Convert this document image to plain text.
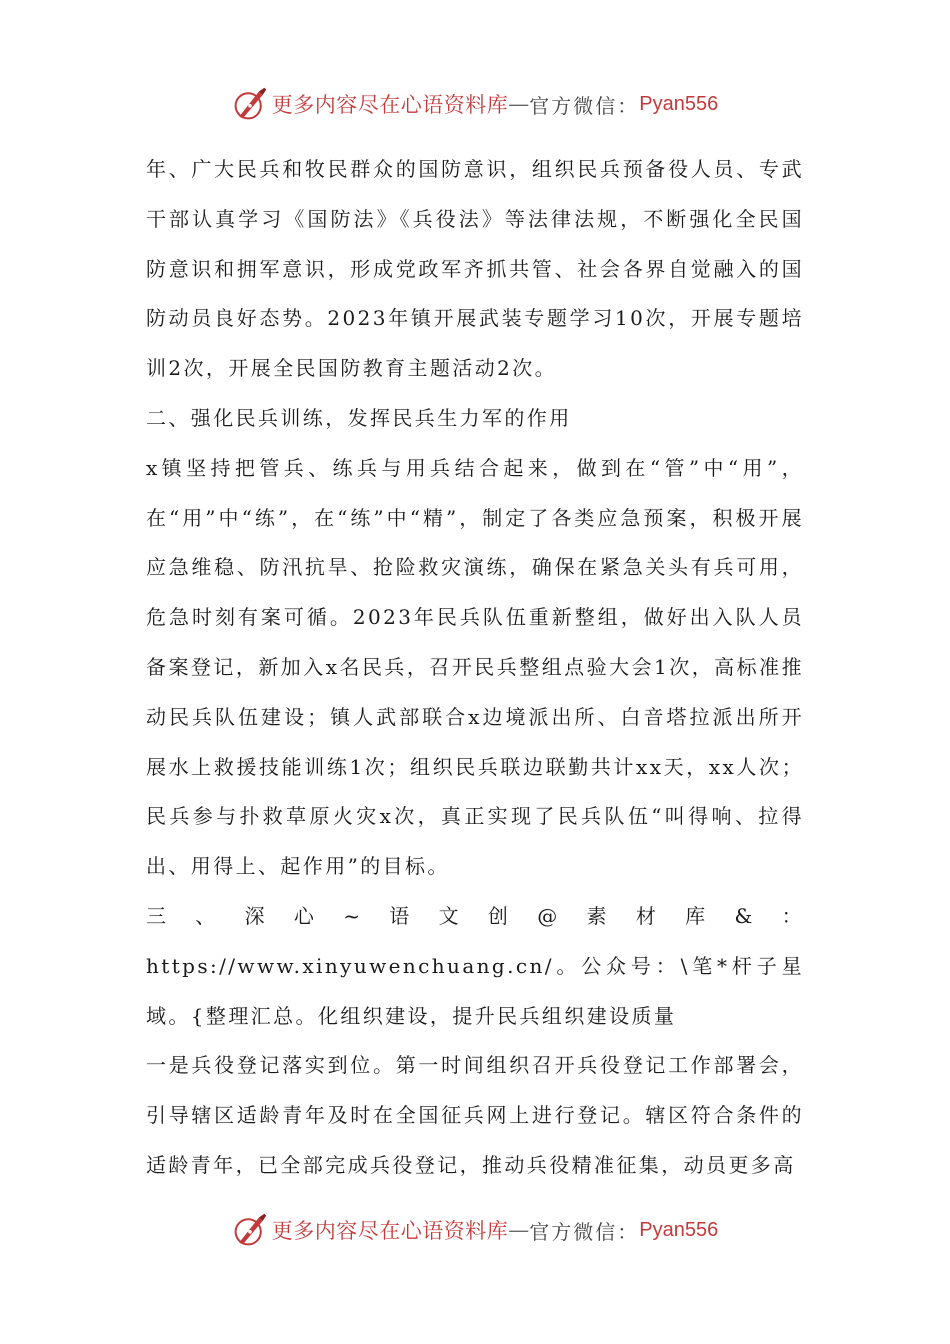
更多内容尽在心语资料库 — 官方微信： Pyan556

年、广大民兵和牧民群众的国防意识，组织民兵预备役人员、专武干部认真学习《国防法》《兵役法》等法律法规，不断强化全民国防意识和拥军意识，形成党政军齐抓共管、社会各界自觉融入的国防动员良好态势。2023年镇开展武装专题学习10次，开展专题培训2次，开展全民国防教育主题活动2次。

二、强化民兵训练，发挥民兵生力军的作用

x镇坚持把管兵、练兵与用兵结合起来，做到在“管”中“用”，在“用”中“练”，在“练”中“精”，制定了各类应急预案，积极开展应急维稳、防汛抗旱、抢险救灾演练，确保在紧急关头有兵可用，危急时刻有案可循。2023年民兵队伍重新整组，做好出入队人员备案登记，新加入x名民兵，召开民兵整组点验大会1次，高标准推动民兵队伍建设；镇人武部联合x边境派出所、白音塔拉派出所开展水上救援技能训练1次；组织民兵联边联勤共计xx天，xx人次；民兵参与扑救草原火灾x次，真正实现了民兵队伍“叫得响、拉得出、用得上、起作用”的目标。

三、深心~语文创@素材库&：https://www.xinyuwenchuang.cn/。公众号：\笔*杆子星域。{整理汇总。化组织建设，提升民兵组织建设质量

一是兵役登记落实到位。第一时间组织召开兵役登记工作部署会，引导辖区适龄青年及时在全国征兵网上进行登记。辖区符合条件的适龄青年，已全部完成兵役登记，推动兵役精准征集，动员更多高

更多内容尽在心语资料库 — 官方微信： Pyan556
